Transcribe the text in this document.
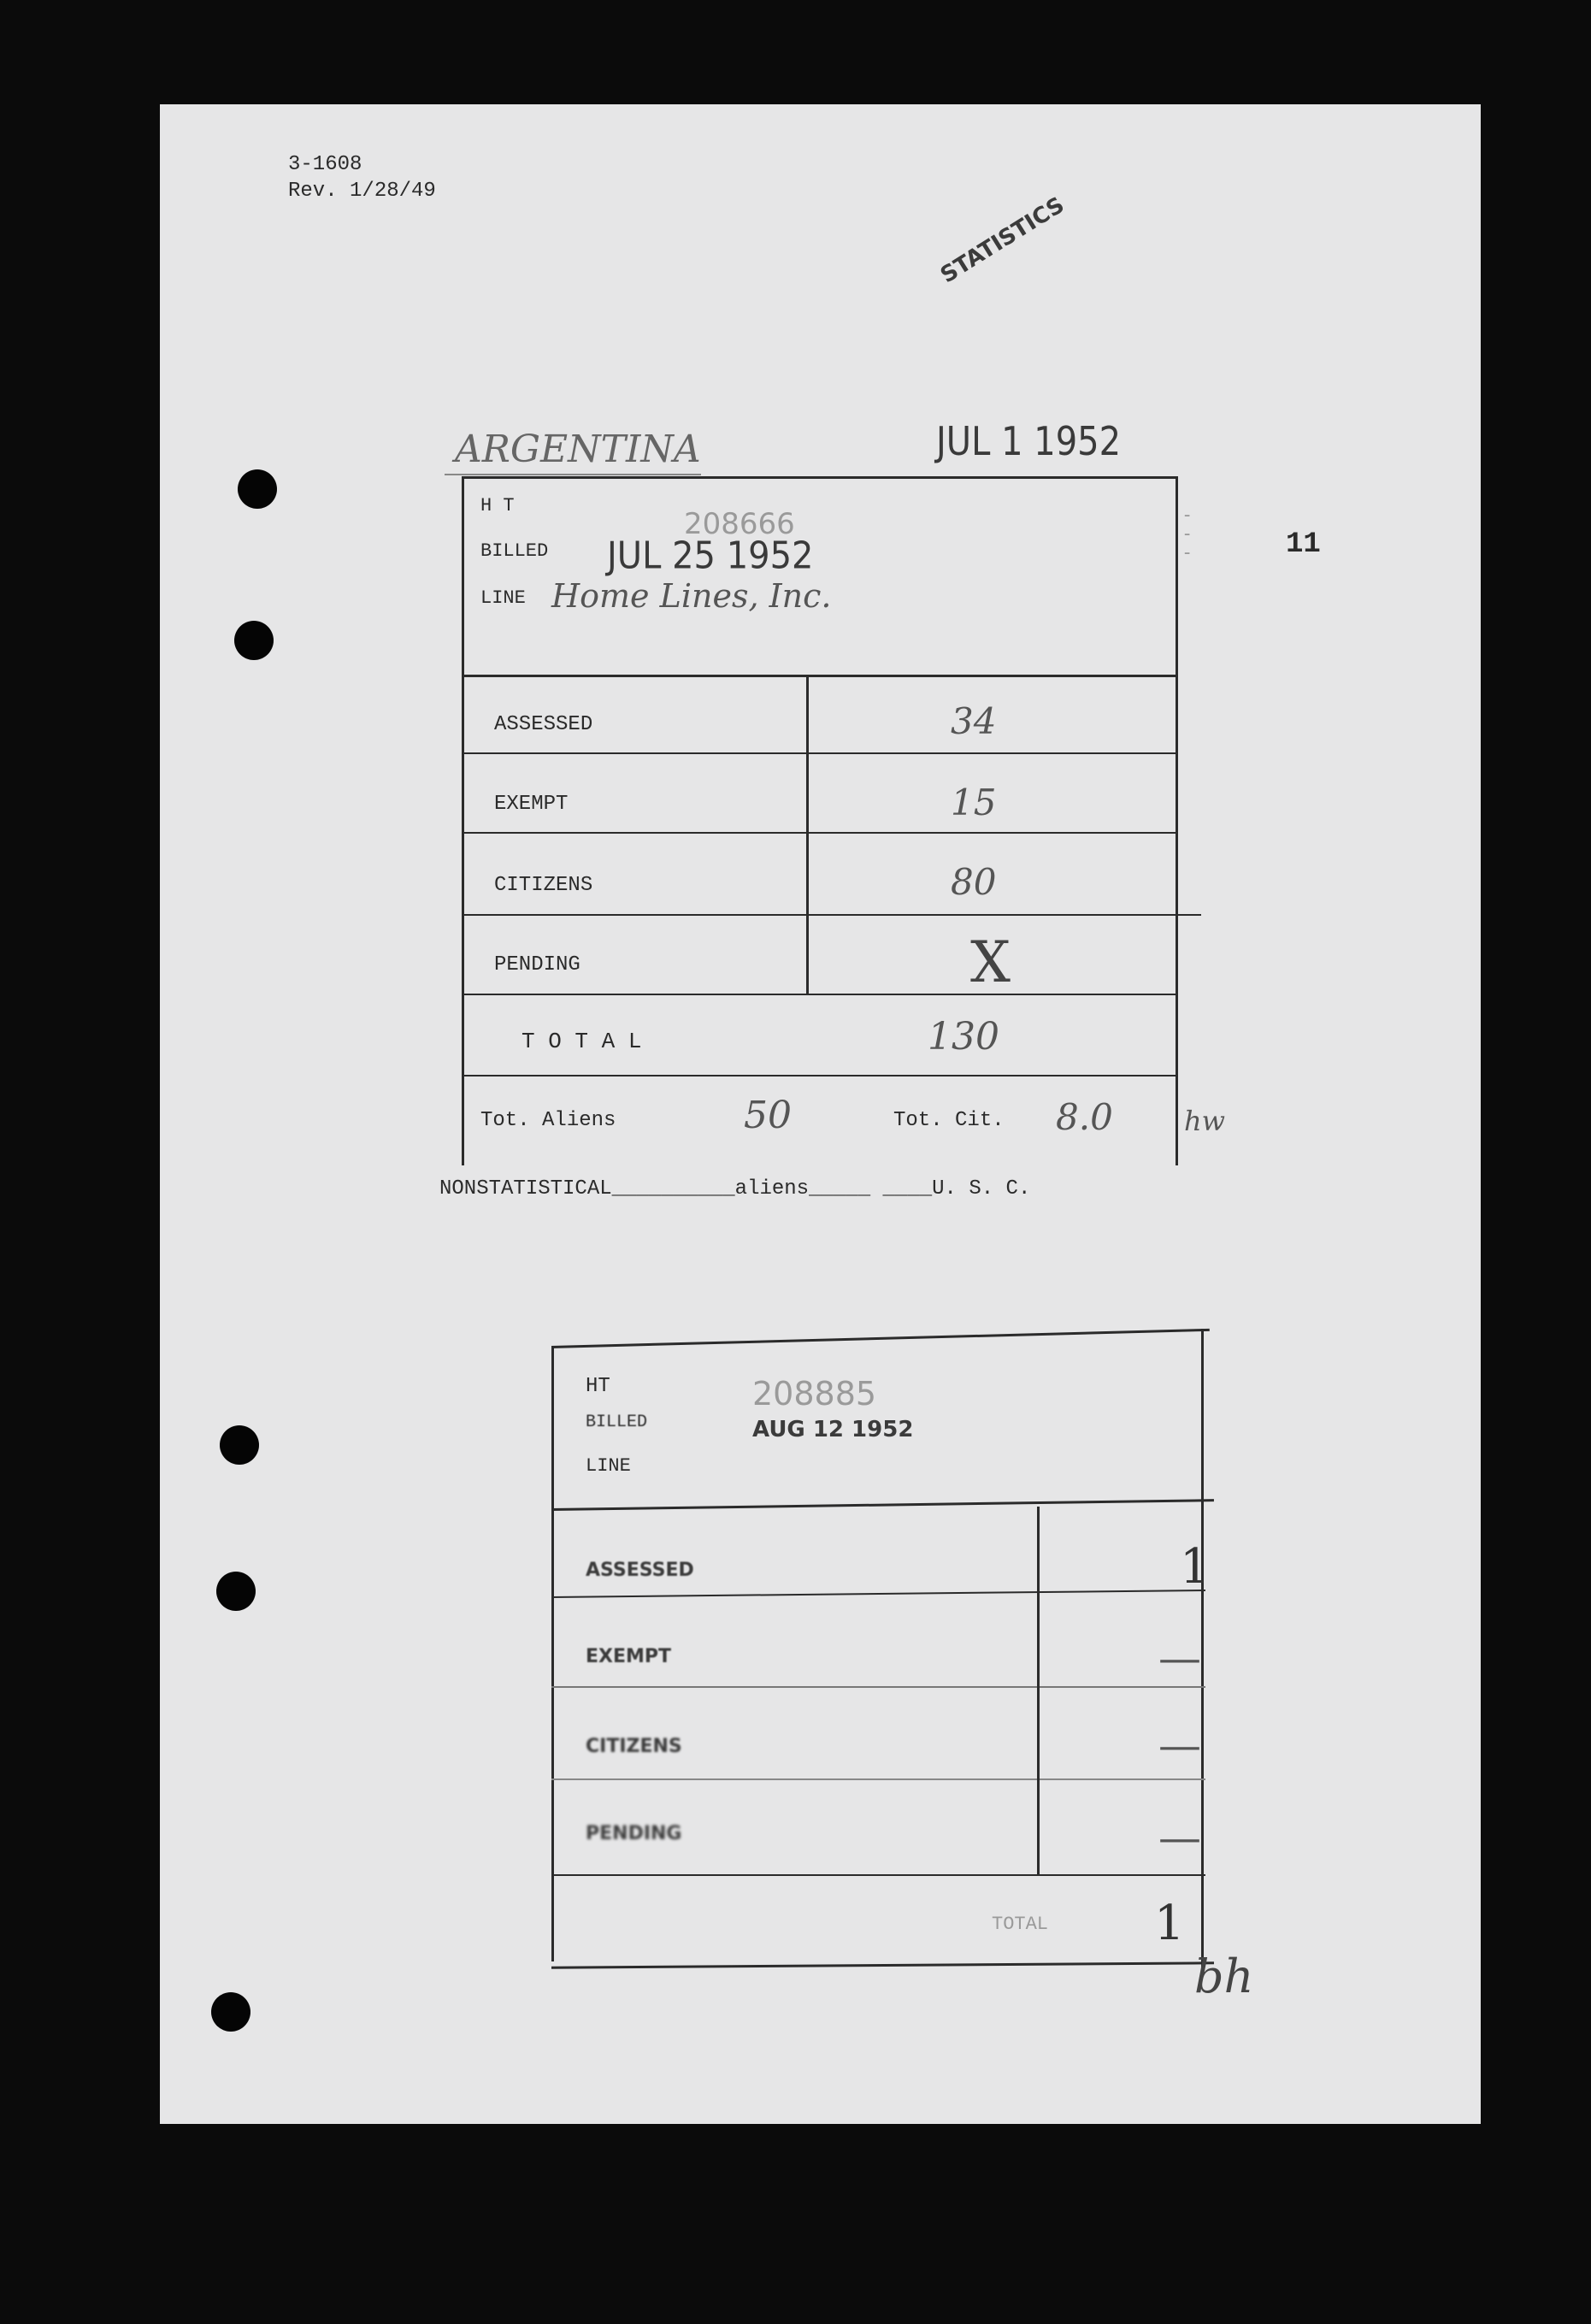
3-1608
Rev. 1/28/49
STATISTICS
ARGENTINA	JUL 1 1952
11
-
-
-
H T
208666
BILLED JUL 25 1952
LINE Home Lines, Inc.
ASSESSED	34
EXEMPT	15
CITIZENS	80
PENDING	X
T O T A L	130
Tot. Aliens	50	Tot. Cit. 8.0	hw
NONSTATISTICAL__________aliens_____ ____U. S. C.
HT	208885
BILLED	AUG 12 1952
LINE
ASSESSED	1
EXEMPT	—
CITIZENS	—
PENDING	—
TOTAL 1
bh
